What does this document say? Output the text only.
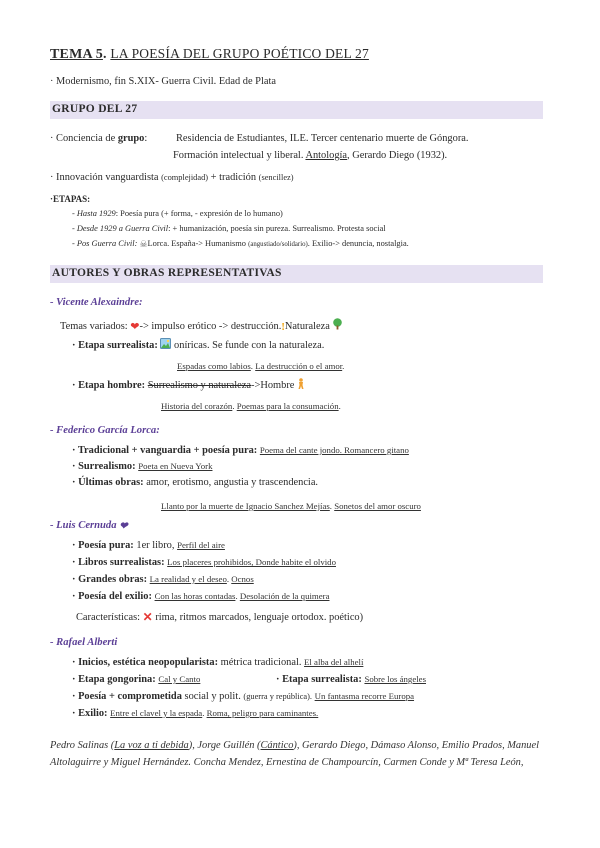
TEMA 5. LA POESÍA DEL GRUPO POÉTICO DEL 27
· Modernismo, fin S.XIX- Guerra Civil. Edad de Plata
GRUPO DEL 27
· Conciencia de grupo:	Residencia de Estudiantes, ILE. Tercer centenario muerte de Góngora.
Formación intelectual y liberal. Antología, Gerardo Diego (1932).
· Innovación vanguardista (complejidad) + tradición (sencillez)
·ETAPAS:
- Hasta 1929: Poesía pura (+ forma, - expresión de lo humano)
- Desde 1929 a Guerra Civil: + humanización, poesía sin pureza. Surrealismo. Protesta social
- Pos Guerra Civil: ☠Lorca. España-> Humanismo (angustiado/solidario). Exilio-> denuncia, nostalgia.
AUTORES Y OBRAS REPRESENTATIVAS
- Vicente Alexaindre:
Temas variados: ❤-> impulso erótico -> destrucción.!Naturaleza
· Etapa surrealista: oníricas. Se funde con la naturaleza.
Espadas como labios. La destrucción o el amor.
· Etapa hombre: Surrealismo y naturaleza->Hombre
Historia del corazón. Poemas para la consumación.
- Federico García Lorca:
· Tradicional + vanguardia + poesía pura: Poema del cante jondo. Romancero gitano
· Surrealismo: Poeta en Nueva York
· Últimas obras: amor, erotismo, angustia y trascendencia.
Llanto por la muerte de Ignacio Sanchez Mejías. Sonetos del amor oscuro
- Luis Cernuda ❤
· Poesía pura: 1er libro, Perfil del aire
· Libros surrealistas: Los placeres prohibidos, Donde habite el olvido
· Grandes obras: La realidad y el deseo. Ocnos
· Poesía del exilio: Con las horas contadas. Desolación de la quimera
Características: ✕ rima, ritmos marcados, lenguaje ortodox. poético)
- Rafael Alberti
· Inicios, estética neopopularista: métrica tradicional. El alba del alhelí
· Etapa gongorina: Cal y Canto	· Etapa surrealista: Sobre los ángeles
· Poesía + comprometida social y polit. (guerra y república). Un fantasma recorre Europa
· Exilio: Entre el clavel y la espada. Roma, peligro para caminantes.
Pedro Salinas (La voz a ti debida), Jorge Guillén (Cántico), Gerardo Diego, Dámaso Alonso, Emilio Prados, Manuel Altolaguirre y Miguel Hernández. Concha Mendez, Ernestina de Champourcín, Carmen Conde y Mª Teresa León,
